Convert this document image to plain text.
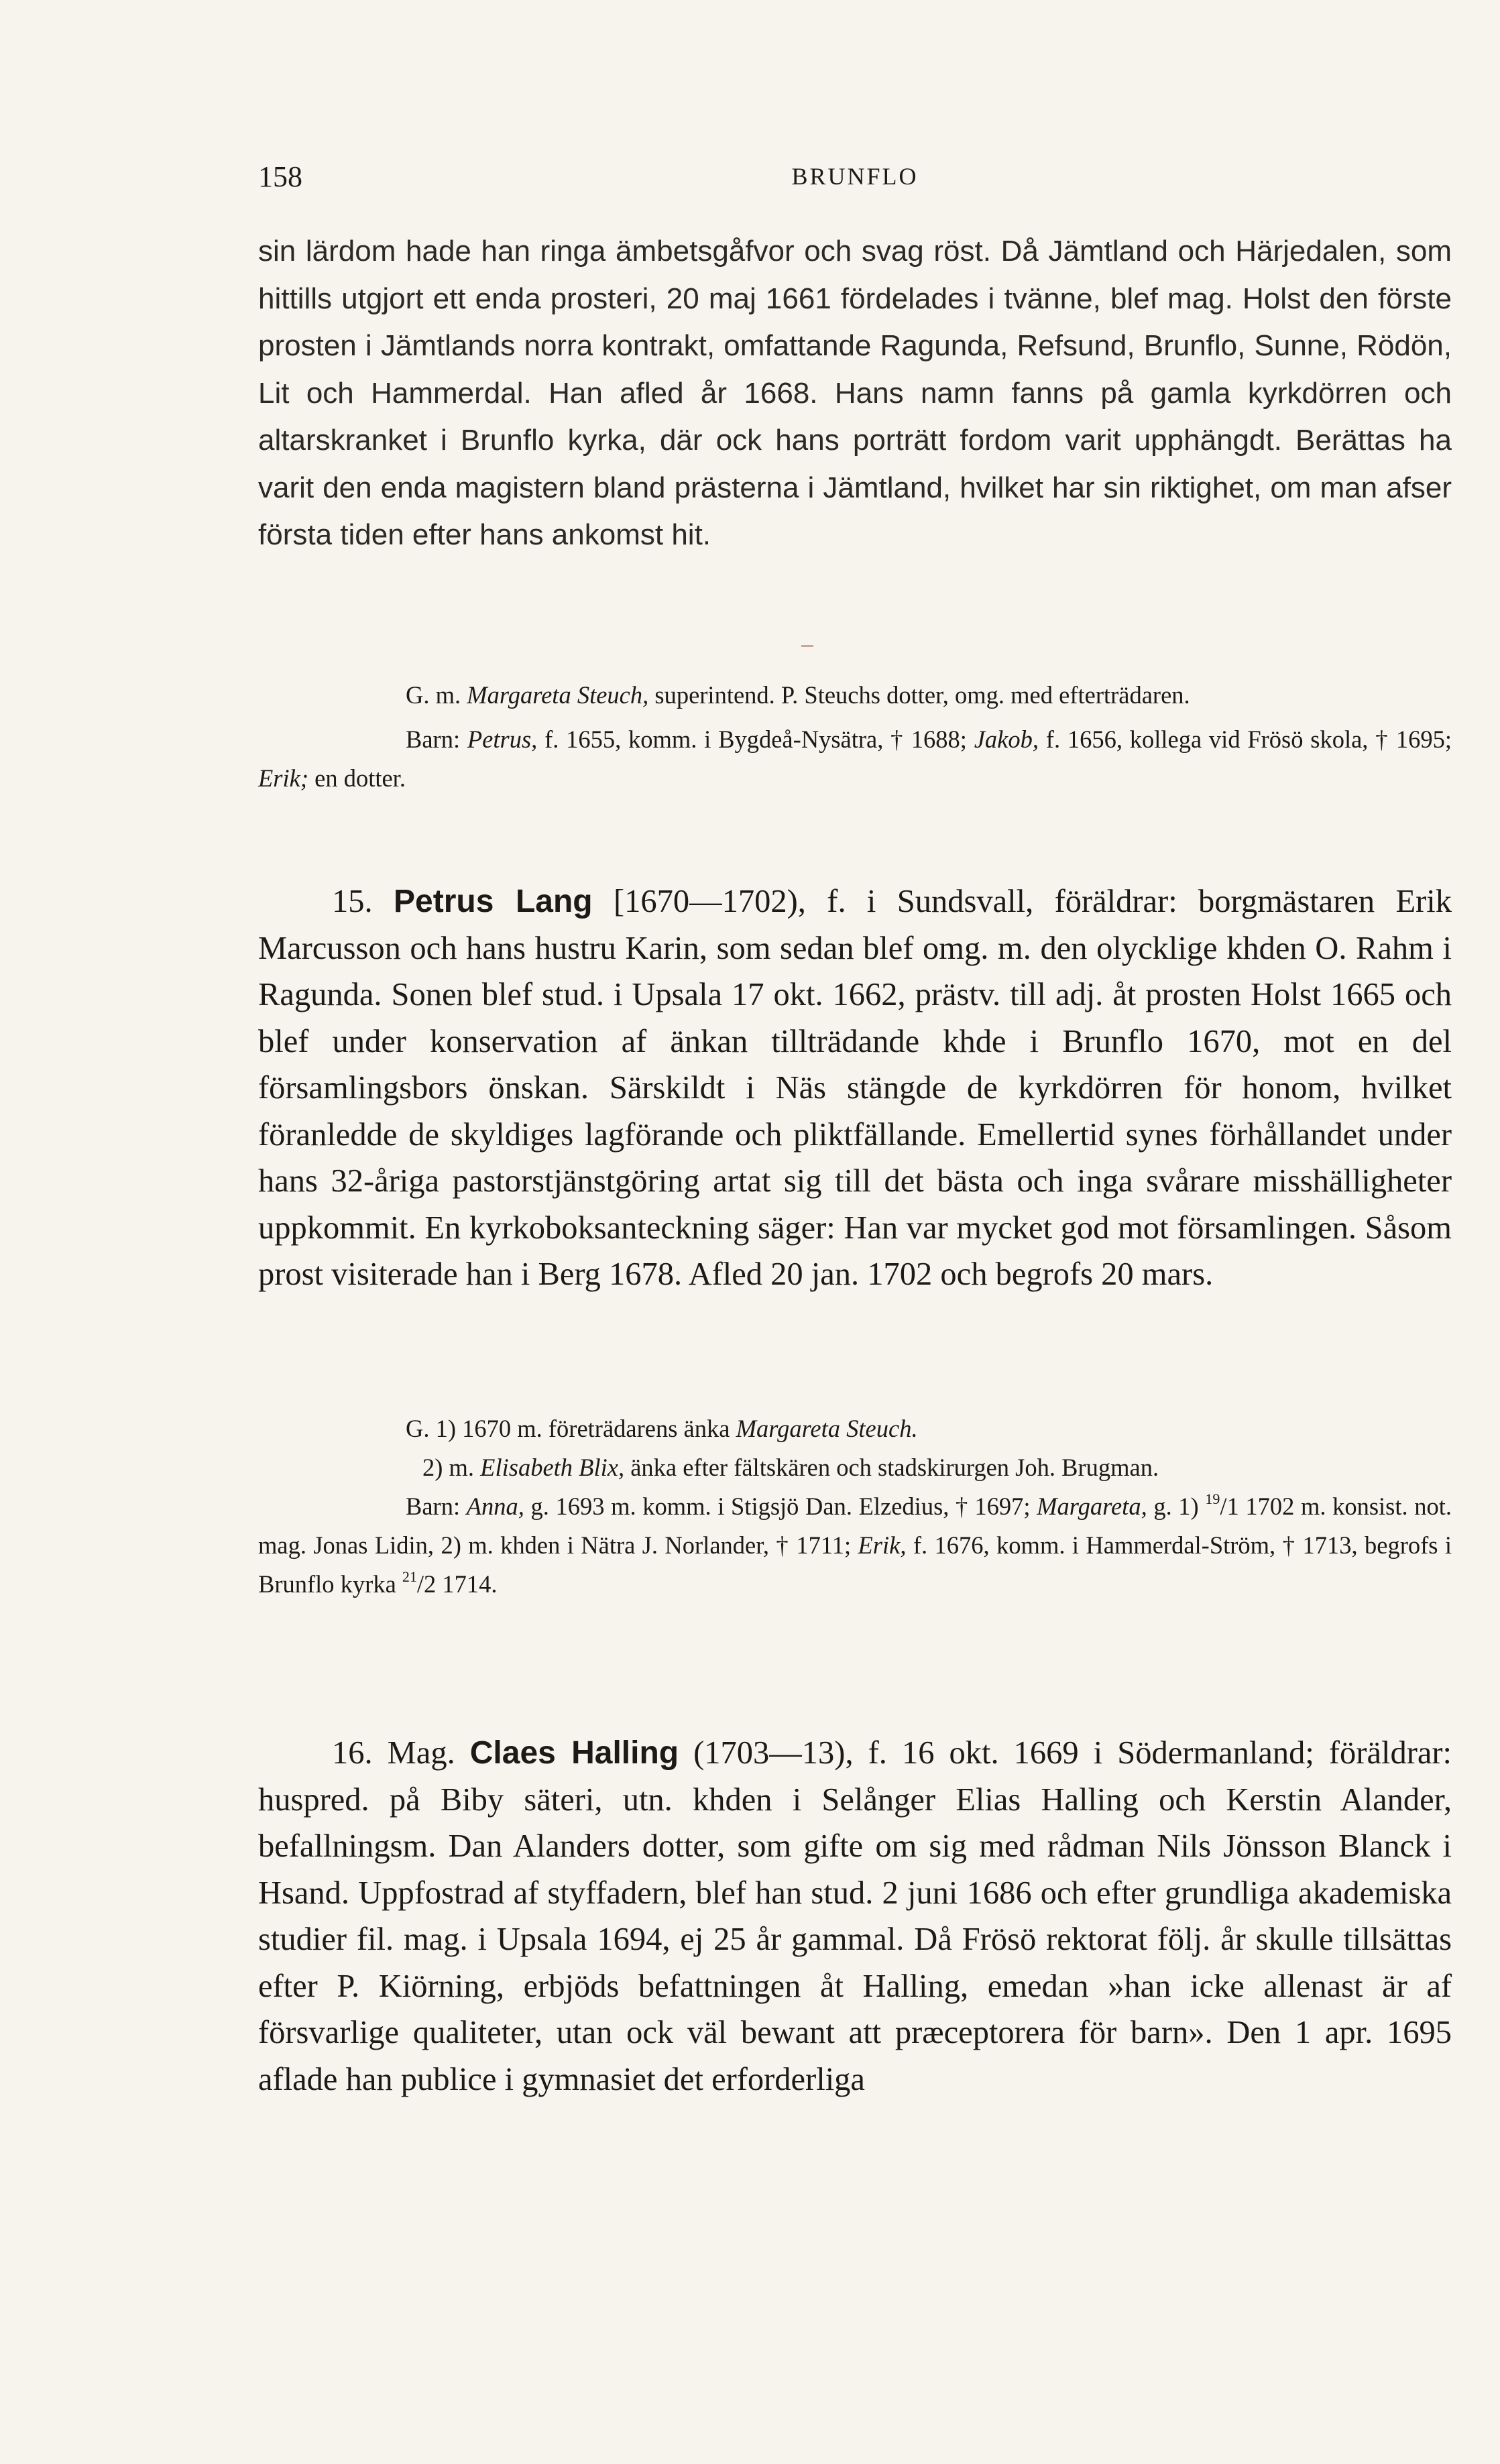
158	BRUNFLO

sin lärdom hade han ringa ämbetsgåfvor och svag röst. Då Jämtland och Härjedalen, som hittills utgjort ett enda prosteri, 20 maj 1661 fördelades i tvänne, blef mag. Holst den förste prosten i Jämtlands norra kontrakt, omfattande Ragunda, Refsund, Brunflo, Sunne, Rödön, Lit och Hammerdal. Han afled år 1668. Hans namn fanns på gamla kyrkdörren och altarskranket i Brunflo kyrka, där ock hans porträtt fordom varit upphängdt. Berättas ha varit den enda magistern bland prästerna i Jämtland, hvilket har sin riktighet, om man afser första tiden efter hans ankomst hit.

G. m. Margareta Steuch, superintend. P. Steuchs dotter, omg. med efterträdaren.

Barn: Petrus, f. 1655, komm. i Bygdeå-Nysätra, † 1688; Jakob, f. 1656, kollega vid Frösö skola, † 1695; Erik; en dotter.

15. Petrus Lang [1670—1702), f. i Sundsvall, föräldrar: borgmästaren Erik Marcusson och hans hustru Karin, som sedan blef omg. m. den olycklige khden O. Rahm i Ragunda. Sonen blef stud. i Upsala 17 okt. 1662, prästv. till adj. åt prosten Holst 1665 och blef under konservation af änkan tillträdande khde i Brunflo 1670, mot en del församlingsbors önskan. Särskildt i Näs stängde de kyrkdörren för honom, hvilket föranledde de skyldiges lagförande och pliktfällande. Emellertid synes förhållandet under hans 32-åriga pastorstjänstgöring artat sig till det bästa och inga svårare misshälligheter uppkommit. En kyrkoboksanteckning säger: Han var mycket god mot församlingen. Såsom prost visiterade han i Berg 1678. Afled 20 jan. 1702 och begrofs 20 mars.

G. 1) 1670 m. företrädarens änka Margareta Steuch.

2) m. Elisabeth Blix, änka efter fältskären och stadskirurgen Joh. Brugman.

Barn: Anna, g. 1693 m. komm. i Stigsjö Dan. Elzedius, † 1697; Margareta, g. 1) $^{19}$/1 1702 m. konsist. not. mag. Jonas Lidin, 2) m. khden i Nätra J. Norlander, † 1711; Erik, f. 1676, komm. i Hammerdal-Ström, † 1713, begrofs i Brunflo kyrka $^{21}$/2 1714.

16. Mag. Claes Halling (1703—13), f. 16 okt. 1669 i Södermanland; föräldrar: huspred. på Biby säteri, utn. khden i Selånger Elias Halling och Kerstin Alander, befallningsm. Dan Alanders dotter, som gifte om sig med rådman Nils Jönsson Blanck i Hsand. Uppfostrad af styffadern, blef han stud. 2 juni 1686 och efter grundliga akademiska studier fil. mag. i Upsala 1694, ej 25 år gammal. Då Frösö rektorat följ. år skulle tillsättas efter P. Kiörning, erbjöds befattningen åt Halling, emedan »han icke allenast är af försvarlige qualiteter, utan ock väl bewant att præceptorera för barn». Den 1 apr. 1695 aflade han publice i gymnasiet det erforderliga
